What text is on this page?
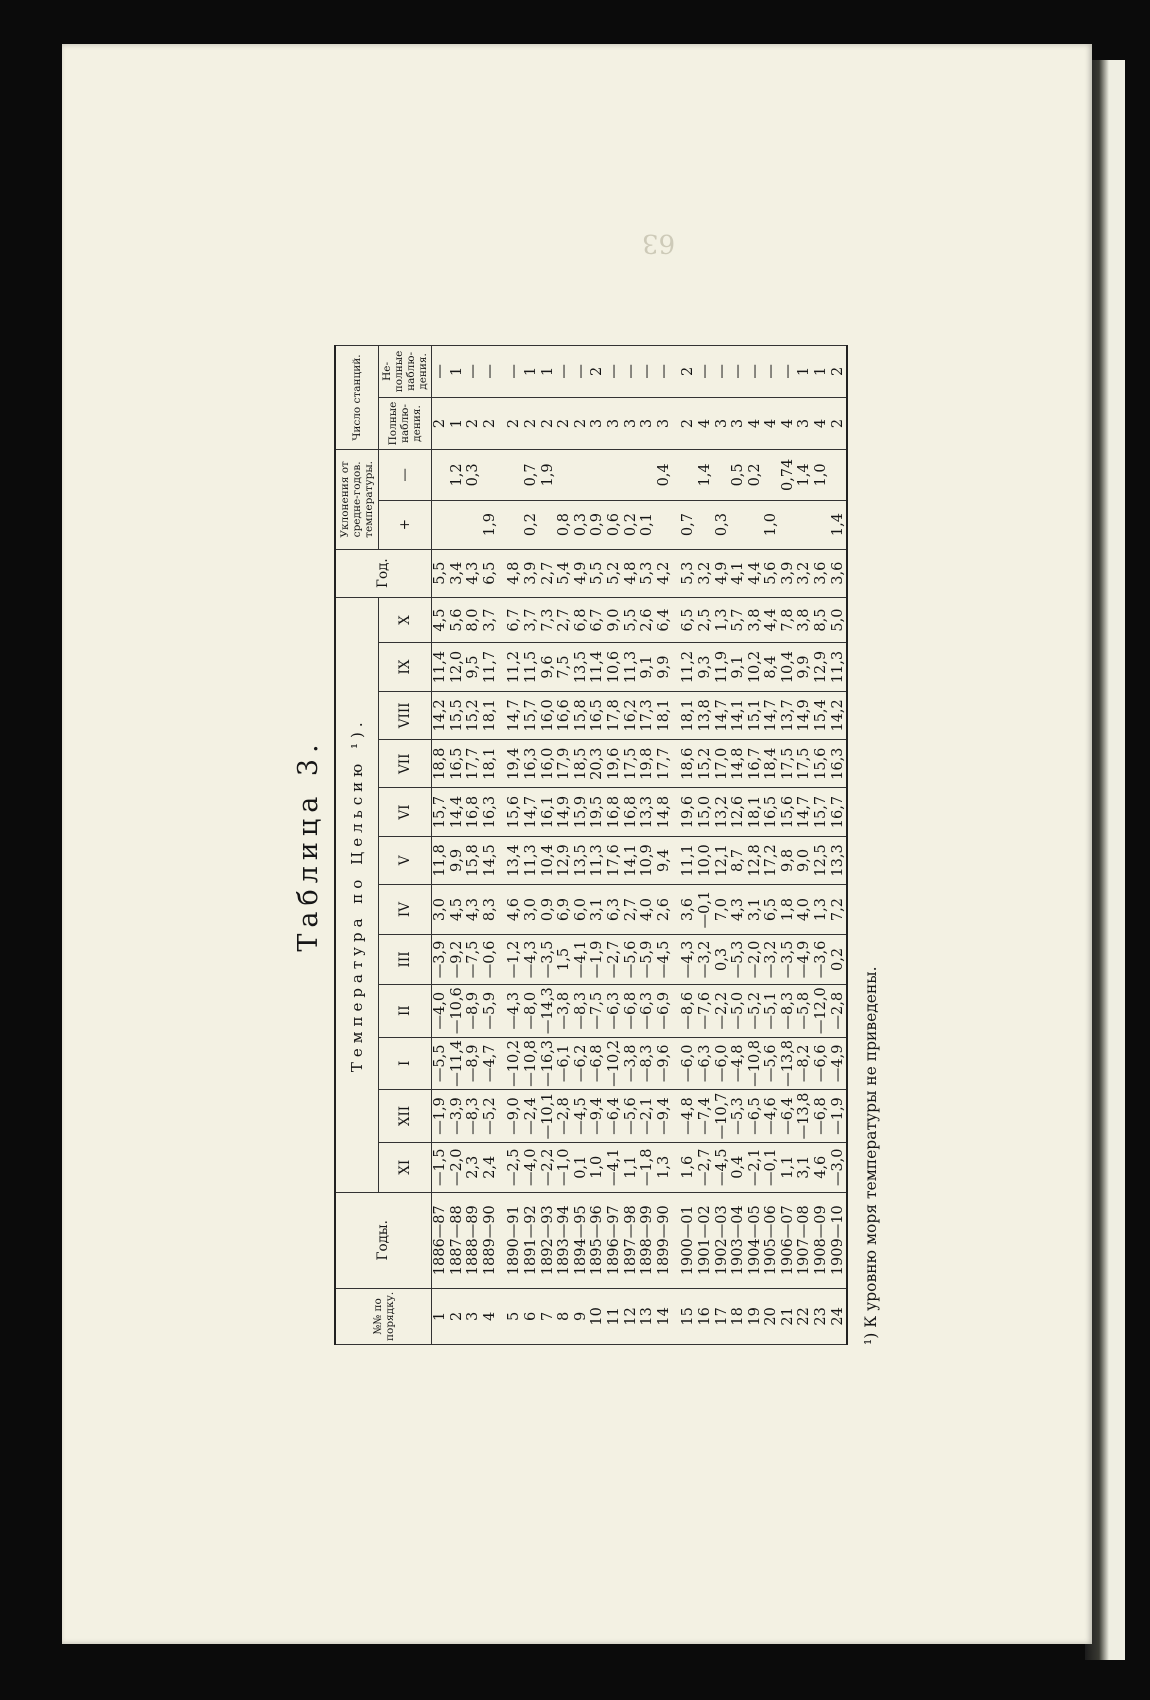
63
Таблица 3.
№№ по порядку.	Годы.	Температура по Цельсию ¹).												Год.	Уклонения от средне-годов. температуры.		Число станций.	
		XI	XII	I	II	III	IV	V	VI	VII	VIII	IX	X		+	—	Полные наблю-дения.	Не-полные наблю-дения.
1	1886—87	—1,5	—1,9	—5,5	—4,0	—3,9	3,0	11,8	15,7	18,8	14,2	11,4	4,5	5,5			2	—
2	1887—88	—2,0	—3,9	—11,4	—10,6	—9,2	4,5	9,9	14,4	16,5	15,5	12,0	5,6	3,4		1,2	1	1
3	1888—89	2,3	—8,3	—8,9	—8,9	—7,5	4,3	15,8	16,8	17,7	15,2	9,5	8,0	4,3		0,3	2	—
4	1889—90	2,4	—5,2	—4,7	—5,9	—0,6	8,3	14,5	16,3	18,1	18,1	11,7	3,7	6,5	1,9		2	—

5	1890—91	—2,5	—9,0	—10,2	—4,3	—1,2	4,6	13,4	15,6	19,4	14,7	11,2	6,7	4,8			2	—
6	1891—92	—4,0	—2,4	—10,8	—8,0	—4,3	3,0	11,3	14,7	16,3	15,7	11,5	3,7	3,9	0,2	0,7	2	1
7	1892—93	—2,2	—10,1	—16,3	—14,3	—3,5	0,9	10,4	16,1	16,0	16,0	9,6	7,3	2,7		1,9	2	1
8	1893—94	—1,0	—2,8	—6,1	—3,8	1,5	6,9	12,9	14,9	17,9	16,6	7,5	2,7	5,4	0,8		2	—
9	1894—95	0,1	—4,5	—6,2	—8,3	—4,1	6,0	13,5	15,9	18,5	15,8	13,5	6,8	4,9	0,3		2	—
10	1895—96	1,0	—9,4	—6,8	—7,5	—1,9	3,1	11,3	19,5	20,3	16,5	11,4	6,7	5,5	0,9		3	2
11	1896—97	—4,1	—6,4	—10,2	—6,3	—2,7	6,3	17,6	16,8	19,6	17,8	10,6	9,0	5,2	0,6		3	—
12	1897—98	1,1	—5,6	—3,8	—6,8	—5,6	2,7	14,1	16,8	17,5	16,2	11,3	5,5	4,8	0,2		3	—
13	1898—99	—1,8	—2,1	—8,3	—6,3	—5,9	4,0	10,9	13,3	19,8	17,3	9,1	2,6	5,3	0,1		3	—
14	1899—90	1,3	—9,4	—9,6	—6,9	—4,5	2,6	9,4	14,8	17,7	18,1	9,9	6,4	4,2		0,4	3	—

15	1900—01	1,6	—4,8	—6,0	—8,6	—4,3	3,6	11,1	19,6	18,6	18,1	11,2	6,5	5,3	0,7		2	2
16	1901—02	—2,7	—7,4	—6,3	—7,6	—3,2	—0,1	10,0	15,0	15,2	13,8	9,3	2,5	3,2		1,4	4	—
17	1902—03	—4,5	—10,7	—6,0	—2,2	0,3	7,0	12,1	13,2	17,0	14,7	11,9	1,3	4,9	0,3		3	—
18	1903—04	0,4	—5,3	—4,8	—5,0	—5,3	4,3	8,7	12,6	14,8	14,1	9,1	5,7	4,1		0,5	3	—
19	1904—05	—2,1	—6,5	—10,8	—5,2	—2,0	3,1	12,8	18,1	16,7	15,1	10,2	3,8	4,4		0,2	4	—
20	1905—06	—0,1	—4,6	—5,6	—5,1	—3,2	6,5	17,2	16,5	18,4	14,7	8,4	4,4	5,6	1,0		4	—
21	1906—07	1,1	—6,4	—13,8	—8,3	—3,5	1,8	9,8	15,6	17,5	13,7	10,4	7,8	3,9		0,74	4	—
22	1907—08	3,1	—13,8	—8,2	—5,8	—4,9	4,0	9,0	14,7	17,5	14,9	9,9	3,8	3,2		1,4	3	1
23	1908—09	4,6	—6,8	—6,6	—12,0	—3,6	1,3	12,5	15,7	15,6	15,4	12,9	8,5	3,6		1,0	4	1
24	1909—10	—3,0	—1,9	—4,9	—2,8	0,2	7,2	13,3	16,7	16,3	14,2	11,3	5,0	3,6	1,4		2	2
¹) К уровню моря температуры не приведены.
